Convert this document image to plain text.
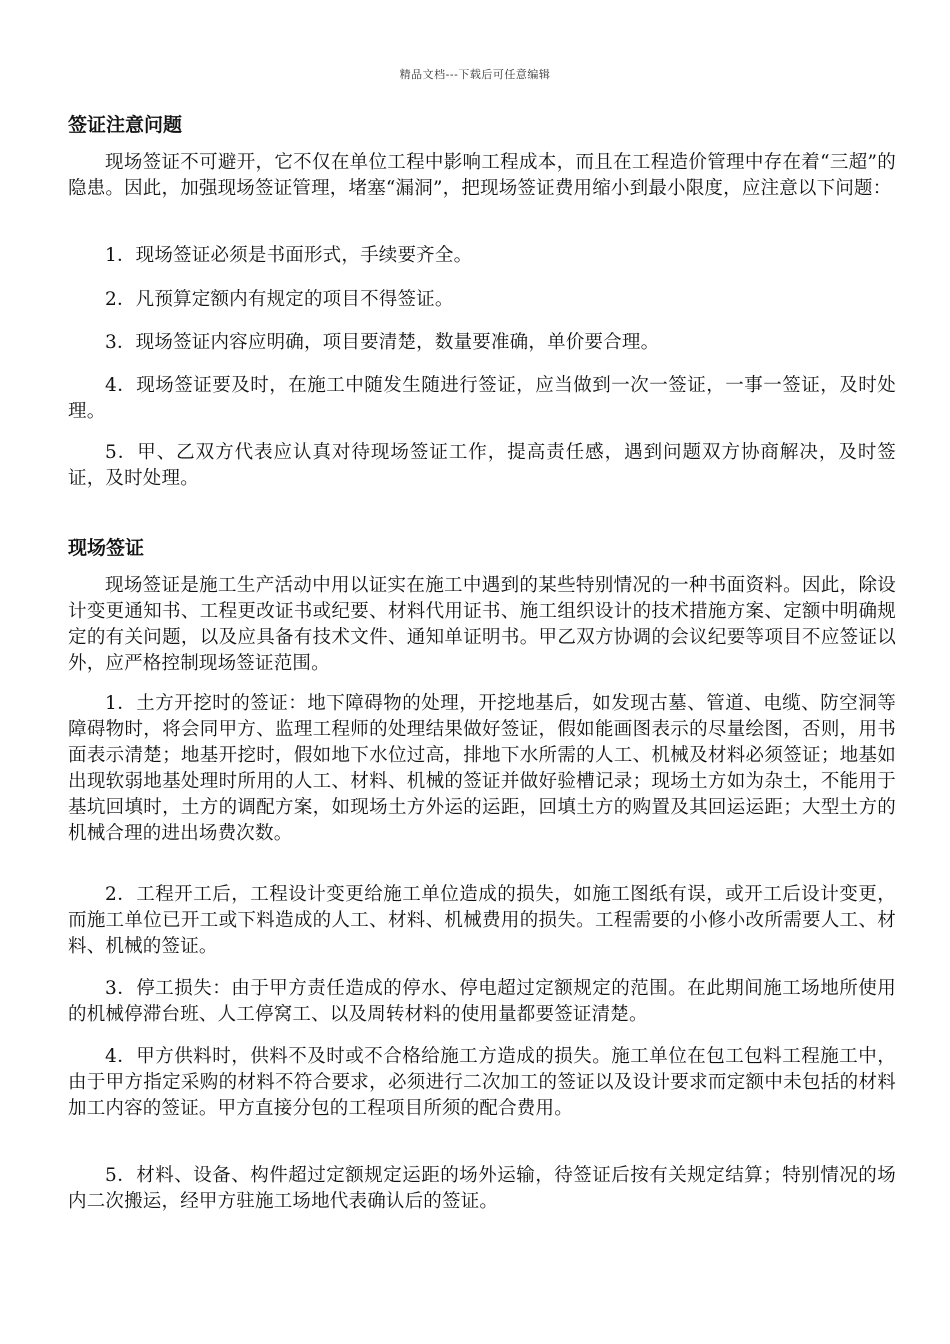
精品文档---下载后可任意编辑
签证注意问题

现场签证不可避开，它不仅在单位工程中影响工程成本，而且在工程造价管理中存在着“三超”的隐患。因此，加强现场签证管理，堵塞“漏洞”，把现场签证费用缩小到最小限度，应注意以下问题：

1．现场签证必须是书面形式，手续要齐全。

2．凡预算定额内有规定的项目不得签证。

3．现场签证内容应明确，项目要清楚，数量要准确，单价要合理。

4．现场签证要及时，在施工中随发生随进行签证，应当做到一次一签证，一事一签证，及时处理。

5．甲、乙双方代表应认真对待现场签证工作，提高责任感，遇到问题双方协商解决，及时签证，及时处理。

现场签证

现场签证是施工生产活动中用以证实在施工中遇到的某些特别情况的一种书面资料。因此，除设计变更通知书、工程更改证书或纪要、材料代用证书、施工组织设计的技术措施方案、定额中明确规定的有关问题，以及应具备有技术文件、通知单证明书。甲乙双方协调的会议纪要等项目不应签证以外，应严格控制现场签证范围。

1．土方开挖时的签证：地下障碍物的处理，开挖地基后，如发现古墓、管道、电缆、防空洞等障碍物时，将会同甲方、监理工程师的处理结果做好签证，假如能画图表示的尽量绘图，否则，用书面表示清楚；地基开挖时，假如地下水位过高，排地下水所需的人工、机械及材料必须签证；地基如出现软弱地基处理时所用的人工、材料、机械的签证并做好验槽记录；现场土方如为杂土，不能用于基坑回填时，土方的调配方案，如现场土方外运的运距，回填土方的购置及其回运运距；大型土方的机械合理的进出场费次数。

2．工程开工后，工程设计变更给施工单位造成的损失，如施工图纸有误，或开工后设计变更，而施工单位已开工或下料造成的人工、材料、机械费用的损失。工程需要的小修小改所需要人工、材料、机械的签证。

3．停工损失：由于甲方责任造成的停水、停电超过定额规定的范围。在此期间施工场地所使用的机械停滞台班、人工停窝工、以及周转材料的使用量都要签证清楚。

4．甲方供料时，供料不及时或不合格给施工方造成的损失。施工单位在包工包料工程施工中，由于甲方指定采购的材料不符合要求，必须进行二次加工的签证以及设计要求而定额中未包括的材料加工内容的签证。甲方直接分包的工程项目所须的配合费用。

5．材料、设备、构件超过定额规定运距的场外运输，待签证后按有关规定结算；特别情况的场内二次搬运，经甲方驻施工场地代表确认后的签证。
